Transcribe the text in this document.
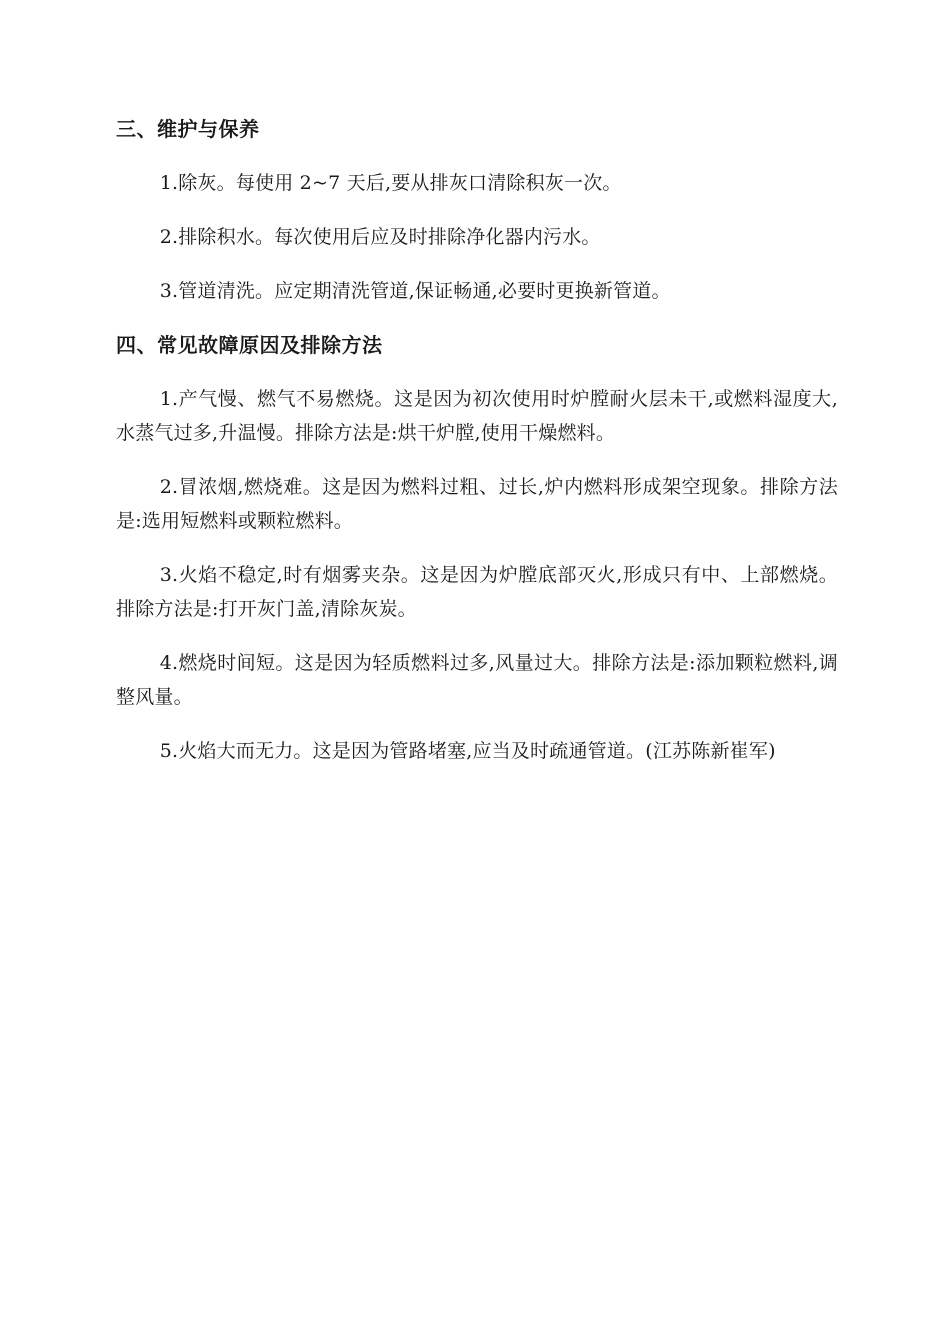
三、维护与保养

1.除灰。每使用 2~7 天后,要从排灰口清除积灰一次。

2.排除积水。每次使用后应及时排除净化器内污水。

3.管道清洗。应定期清洗管道,保证畅通,必要时更换新管道。

四、常见故障原因及排除方法

1.产气慢、燃气不易燃烧。这是因为初次使用时炉膛耐火层未干,或燃料湿度大,水蒸气过多,升温慢。排除方法是:烘干炉膛,使用干燥燃料。

2.冒浓烟,燃烧难。这是因为燃料过粗、过长,炉内燃料形成架空现象。排除方法是:选用短燃料或颗粒燃料。

3.火焰不稳定,时有烟雾夹杂。这是因为炉膛底部灭火,形成只有中、上部燃烧。排除方法是:打开灰门盖,清除灰炭。

4.燃烧时间短。这是因为轻质燃料过多,风量过大。排除方法是:添加颗粒燃料,调整风量。

5.火焰大而无力。这是因为管路堵塞,应当及时疏通管道。(江苏陈新崔军)
